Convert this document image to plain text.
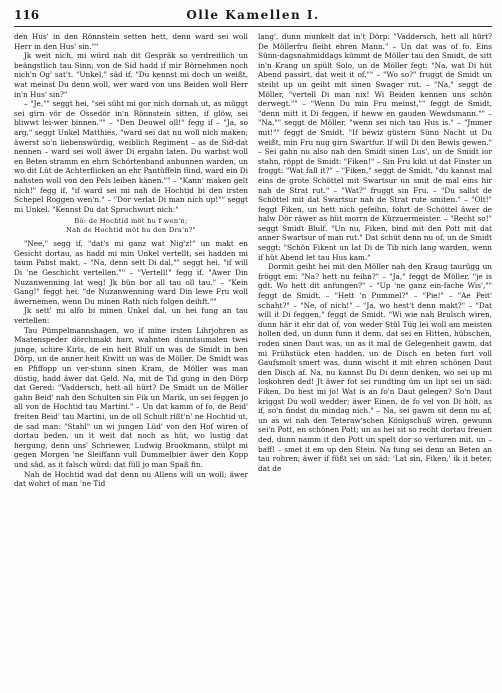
116	Olle Kamellen I.

den Hus' in den Rönnstein setten hett, denn ward sei woll Herr in den Hus' sin.""

Jk weit nich, mi würd nah dit Gespräk so verdreitlich un beängstlich tau Sinn; von de Sid hadd if mir Börnehmen noch nich'n Og' sat't. "Unkel," säd if, "Du kennst mi doch un weißt, wat meinst Du denn woll, wer ward von uns Beiden woll Herr in'n Hus' sin?"

– "Je,"" seggt hei, "sei süht mi gor nich dornah ut, as müggt sei girn vör de Ossedör in'n Rönnstein sitten, if glöw, sei bliwwt lei-wer binnen."" – "Den Deuwel oll!" fegg if – "Ja, so arg," seggt Unkel Matthies, "ward sei dat nu woll nich maken; äwerst so'n liebenswürdig, weiblich Regiment – as de Sid-dat nennen – ward sei woll äwer Di ergahn laten. Du warbst woll en Beten stramm en ehrn Schörtenband anbunnen warden, un wo dit Lüt de Achterflicken an ehr Pantüffeln fünd, ward ein Di nahsten woll von den Pels leiben känen."" – "Kann' maken gelt nich!" fegg if, "if ward sei mi nah de Hochtid bi den irsten Schepel Roggen wen'n." – "Dor verlat Di man nich up!"" seggt mi Unkel. "Kennst Du dat Spruchwurt nich:"

Bö: de Hochtid möt hu f wen'n;

Nah de Hochtid möt hu den Dra'n?"

"Nee," segg if, "dat's mi ganz wat Nig'z!" un makt en Gesicht dortau, as hadd mi min Unkel vertellt, sei hadden mi taum Pabst makt, – "Na, denn sett Di dal,"" seggt hei, "if will Di 'ne Geschicht vertellen."" – "Vertell!" fegg if. "Awer Din Nuzanwenning lat weg! Jk bün bor all tau oll tau." – "Kein Gang!" feggt hei, "de Nuzanwenning ward Din lewe Fru woll äwernemen, wenn Du minen Rath nich folgen deihft.""

Jk sett' mi alfo bi minen Unkel dal, un hei fung an tau vertellen:

Tau Pümpelmannshagen, wo if mine irsten Lihrjohren as Maatenspeder dörchmakt harr, wahnten dunntaumalen twei junge, schire Kirls, de ein heit Blulf un was de Smidt in ben Dörp, un de anner heit Kiwitt un was de Möller. De Smidt was en Pfiffopp un ver-stunn sinen Kram, de Möller was man düstig, hadd äwer dat Geld. Na, mit de Tid gung in den Dörp dat Gered: "Vaddersch, hett all hürt? De Smidt un de Möller gahn Beid' nah den Schulten sin Fik un Marik, un sei feggen jo all von de Hochtid tau Martini." – Un dat kamm of fo, de Beid' freiten Beid' tau Martini, un de oll Schult rißt'n' ne Hochtid ut, de sad man: "Stahl" un wi jungen Lüd' von den Hof wiren of dortau beden, un it weit dat noch as hüt, wo lustig dat hergung, denn uns' Schriewer, Ludwig Brookmann, stülpt mi gegen Morgen 'ne Sleiffann vull Dummelbier äwer den Kopp und säd, as it falsch würd: dat füll jo man Spaß fin.

Nah de Hochtid wad dat denn nu Allens will un woll; äwer dat wohrt of man 'ne Tid

lang', dunn munkelt dat in't Dörp: "Vaddersch, hett all hürt? De Möllerfru fleiht ehren Mann." – Un dat was of fo. Eins Sünn-dagsnahmiddags kümmt de Möller tau den Smidt, de sitt in'n Krang un spült Solo, un de Möller fegt: "Na, wat Di hüt Abend passirt, dat weit it of."" – "Wo so?" fruggt de Smidt un steiht up un geiht mit sinen Swager rut. – "Na," seggt de Möller, "vertell Di man nix! Wi Beiden kennen uns schön derwegt."" – "Wenn Du min Fru meinst,"" feggt de Smidt, "denn mitt it Di feggen, if heww en gauden Wewdsmann."" – "Na,"" seggt de Möller, "wenn sei nich tau Hus is." – "Jmmer mit!"" feggt de Smidt. "If bewiz güstern Sünn Nacht ut Du weißt, min Fru nug girn Swartfur. If will Di den Bewis gewen." – Sei gahn nu also nah den Smidt sinen Lus', un de Smidt ior stahn, röppt de Smidt: "Fiken!" – Sin Fru kikt ut dat Finster un froggt: "Wat fall it?" – "Fiken," seggt de Smidt, "du kannst mal eins de grote Schöttel mit Swartsur un smit de mal eins hir nah de Strat rut." – "Wat?" fruggt sin Fru. – "Du sallst de Schöttel mit dat Swartsur nah de Strat rute smiten." – "Olt!" feggt Fiken, un hett nich gefeihn, fohrt de Schöttel äwer de halw Dör räwer as hüt morrn de Kürzuermeister. – "Recht so!" seggt Smidt Blulf. "Un nu, Fiken, bind mit den Pott mit dat anner Swartsur of man rut." Dat schüt denn nu of, un de Smidt seggt: "Schön Fikent un lat Di de Tib nich lang warden, wenn if hüt Abend let tau Hus kam."

Dormit geiht hei mit den Möller nah den Kraug taurügg un fröggt em: "Na? hett nu feihn?" – "Ja," feggt de Möller, "je is gdt. Wo hett dit anfungen?" – "Up 'ne ganz ein-fache Wis',"" feggt de Smidt. – "Hett 'n Pummel?" – "Pie!" – "Ae Peit' schaht?" – "Ne, of nich!" – "Ja, wo hest't denn makt?" – "Dat will it Di feggen," feggt de Smidt. "Wi wie nah Brulsch wiren, dunn här it ehr dat of, von weder Stül Tüg lei woll am meisten hollen ded, un dunn funn it denn, dat sei en Hitten, hübschen, roden sinen Daut was, un as it mal de Gelegenheit gawm, dat mi Frühstück eten hadden, un de Disch en beten furt voll Gaufsmolt smert was, dunn wischt it mit ehren schönen Daut den Disch af. Na, nu kannst Du Di denn denken, wo sei up mi loskohren ded! Jt äwer fot sei rundting üm un lipt sei un säd: Fiken, Du hest mi jo! Wat is an fo'n Daut gelegen? So'n Daut kriggst Du woll wedder; äwer Einen, de fo vel von Di hölt, as if, so'n findst du mindag nich." – Na, sei gawm sit denn nu af, un as wi nah den Teteraw'schen Königschuß wiren, gewunn sei'n Pott, en schönen Pott; un as hei sit so recht dortau freuen ded, dunn namm it den Pott un spelt dor so verluren mit, un – baff! – smet it em up den Stein. Na fung sei denn an Beten an tau rohren; äwer if füßt sei un säd: 'Lat sin, Fiken,' ik it beter, dat de
